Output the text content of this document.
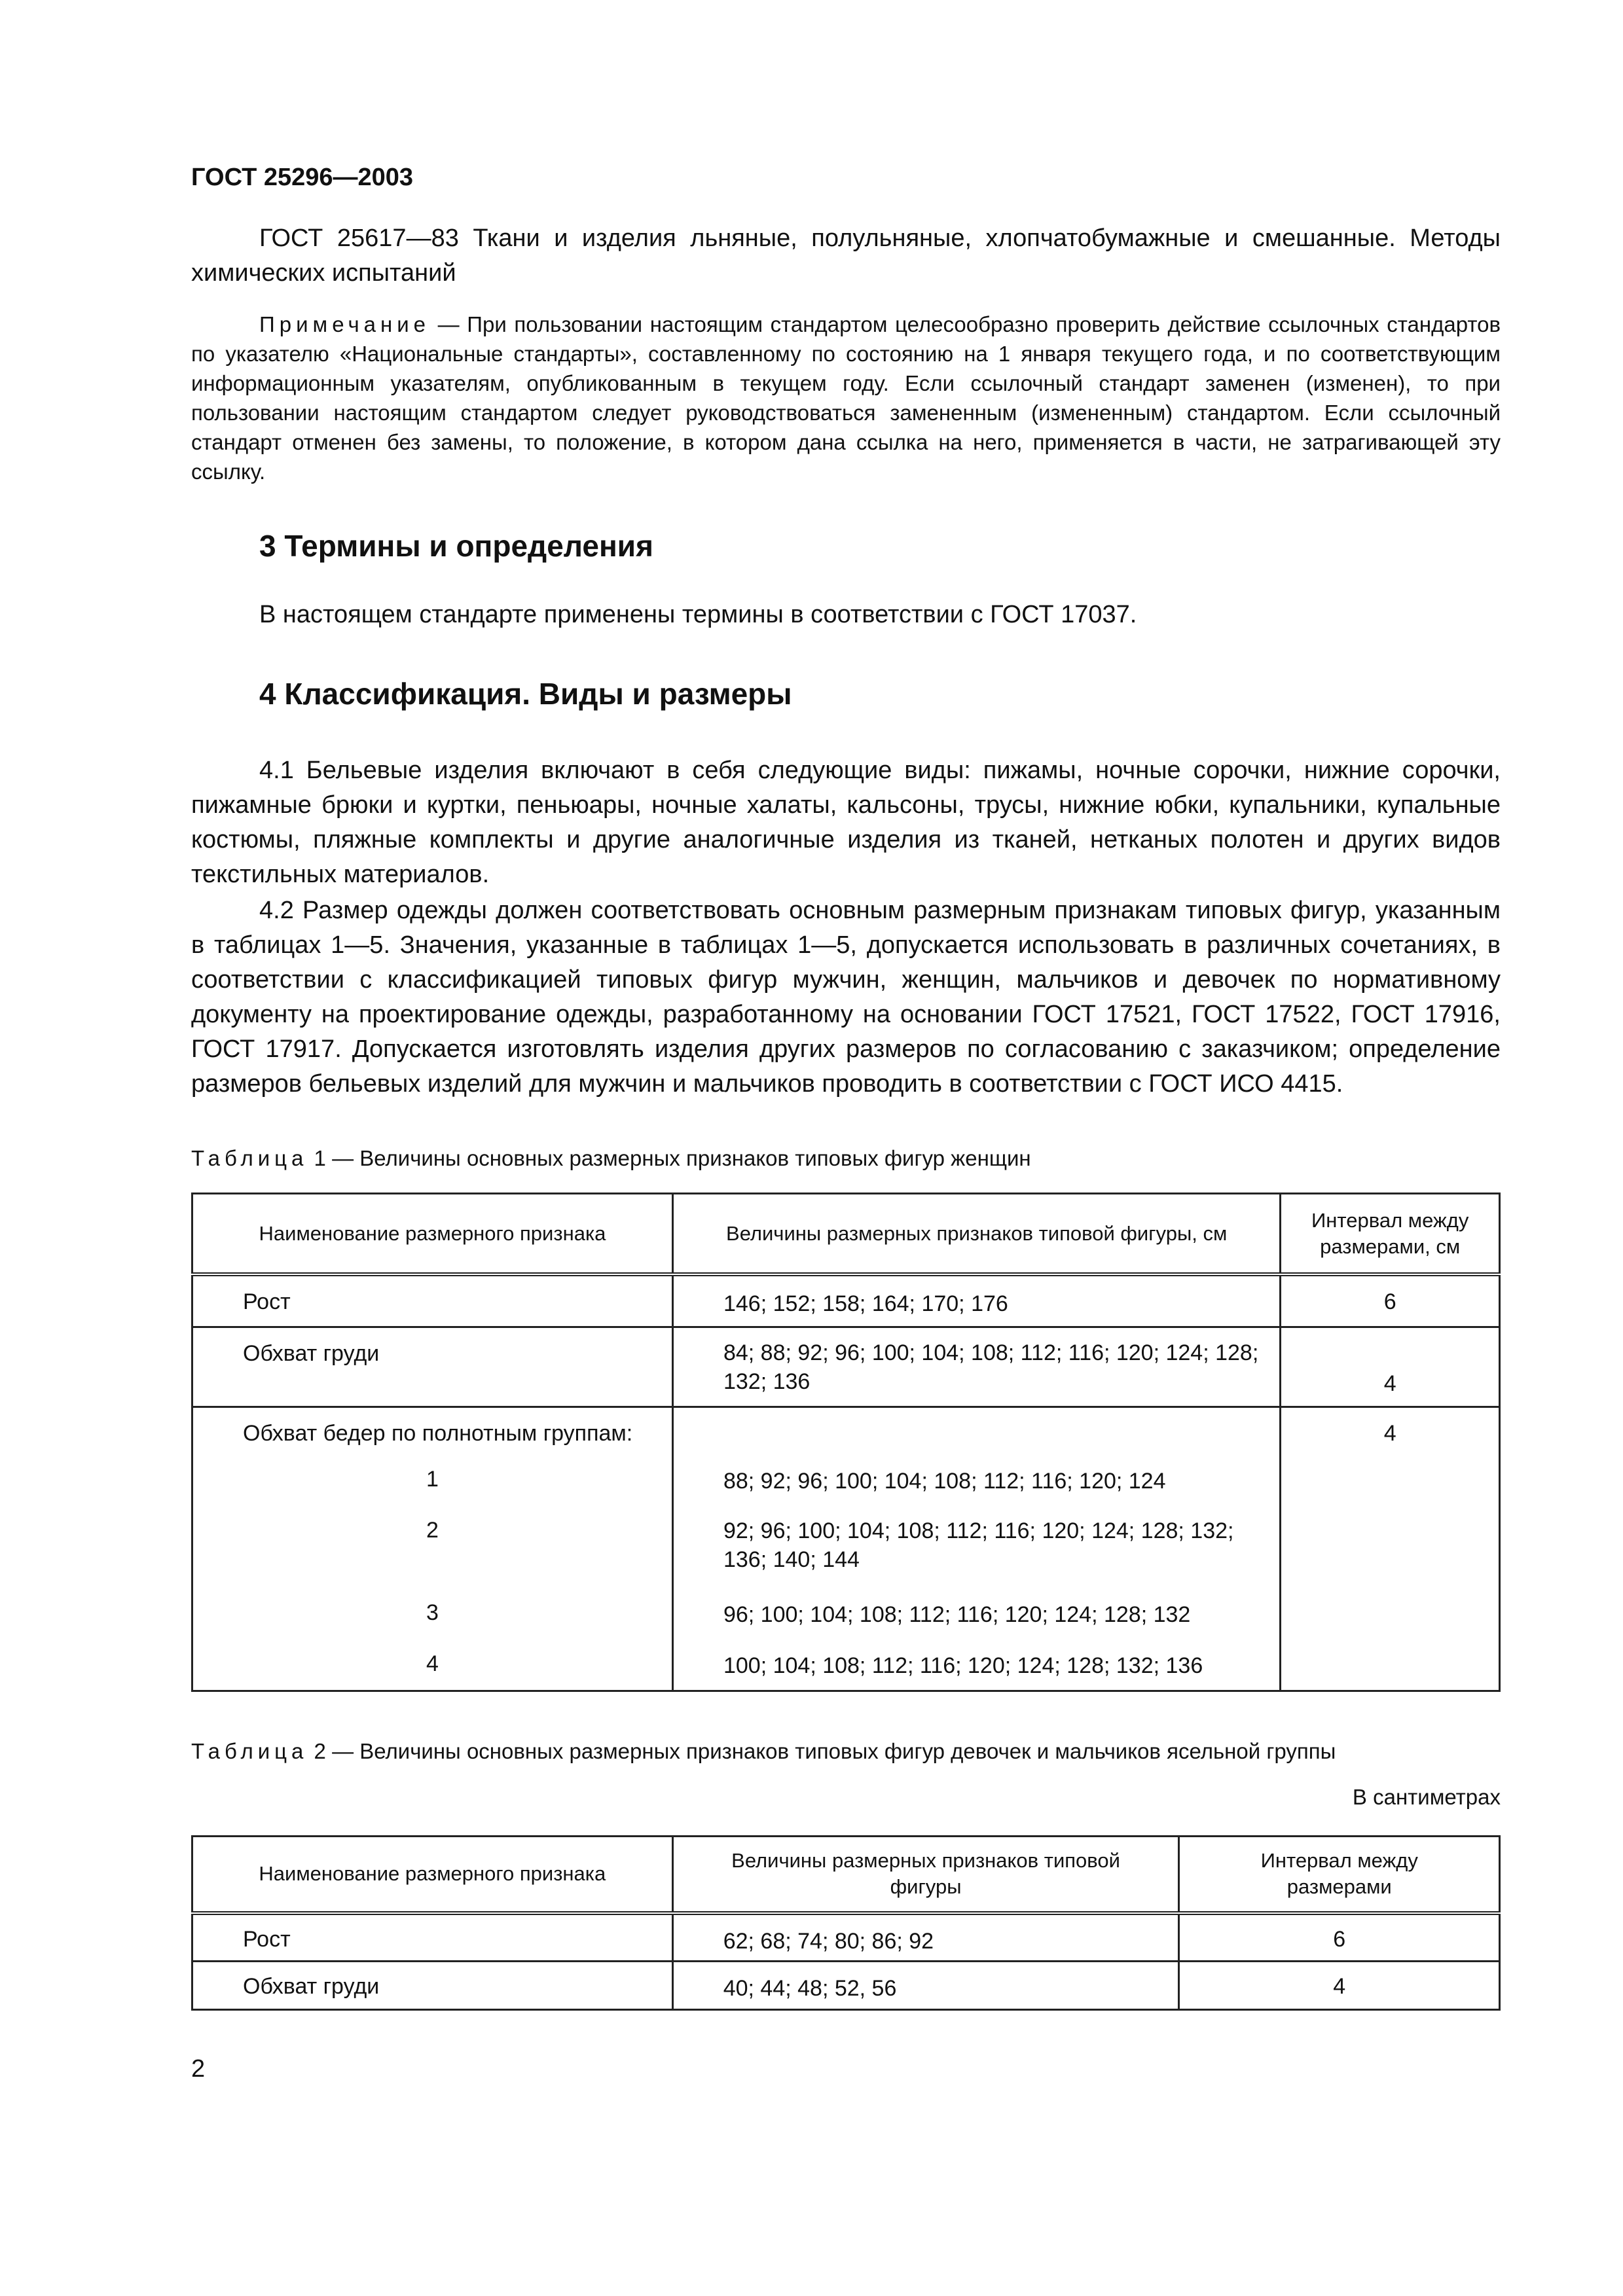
ГОСТ 25296—2003

ГОСТ 25617—83 Ткани и изделия льняные, полульняные, хлопчатобумажные и смешанные. Методы химических испытаний

Примечание — При пользовании настоящим стандартом целесообразно проверить действие ссылочных стандартов по указателю «Национальные стандарты», составленному по состоянию на 1 января текущего года, и по соответствующим информационным указателям, опубликованным в текущем году. Если ссылочный стандарт заменен (изменен), то при пользовании настоящим стандартом следует руководствоваться замененным (измененным) стандартом. Если ссылочный стандарт отменен без замены, то положение, в котором дана ссылка на него, применяется в части, не затрагивающей эту ссылку.

3 Термины и определения

В настоящем стандарте применены термины в соответствии с ГОСТ 17037.

4 Классификация. Виды и размеры

4.1 Бельевые изделия включают в себя следующие виды: пижамы, ночные сорочки, нижние сорочки, пижамные брюки и куртки, пеньюары, ночные халаты, кальсоны, трусы, нижние юбки, купальники, купальные костюмы, пляжные комплекты и другие аналогичные изделия из тканей, нетканых полотен и других видов текстильных материалов.

4.2 Размер одежды должен соответствовать основным размерным признакам типовых фигур, указанным в таблицах 1—5. Значения, указанные в таблицах 1—5, допускается использовать в различных сочетаниях, в соответствии с классификацией типовых фигур мужчин, женщин, мальчиков и девочек по нормативному документу на проектирование одежды, разработанному на основании ГОСТ 17521, ГОСТ 17522, ГОСТ 17916, ГОСТ 17917. Допускается изготовлять изделия других размеров по согласованию с заказчиком; определение размеров бельевых изделий для мужчин и мальчиков проводить в соответствии с ГОСТ ИСО 4415.

Таблица 1 — Величины основных размерных признаков типовых фигур женщин
Наименование размерного признака	Величины размерных признаков типовой фигуры, см	Интервал между размерами, см
Рост	146; 152; 158; 164; 170; 176	6
Обхват груди	84; 88; 92; 96; 100; 104; 108; 112; 116; 120; 124; 128; 132; 136	4
Обхват бедер по полнотным группам:		4
1	88; 92; 96; 100; 104; 108; 112; 116; 120; 124	
2	92; 96; 100; 104; 108; 112; 116; 120; 124; 128; 132; 136; 140; 144	
3	96; 100; 104; 108; 112; 116; 120; 124; 128; 132	
4	100; 104; 108; 112; 116; 120; 124; 128; 132; 136	
Таблица 2 — Величины основных размерных признаков типовых фигур девочек и мальчиков ясельной группы
В сантиметрах
Наименование размерного признака	Величины размерных признаков типовой фигуры	Интервал между размерами
Рост	62; 68; 74; 80; 86; 92	6
Обхват груди	40; 44; 48; 52, 56	4
2
